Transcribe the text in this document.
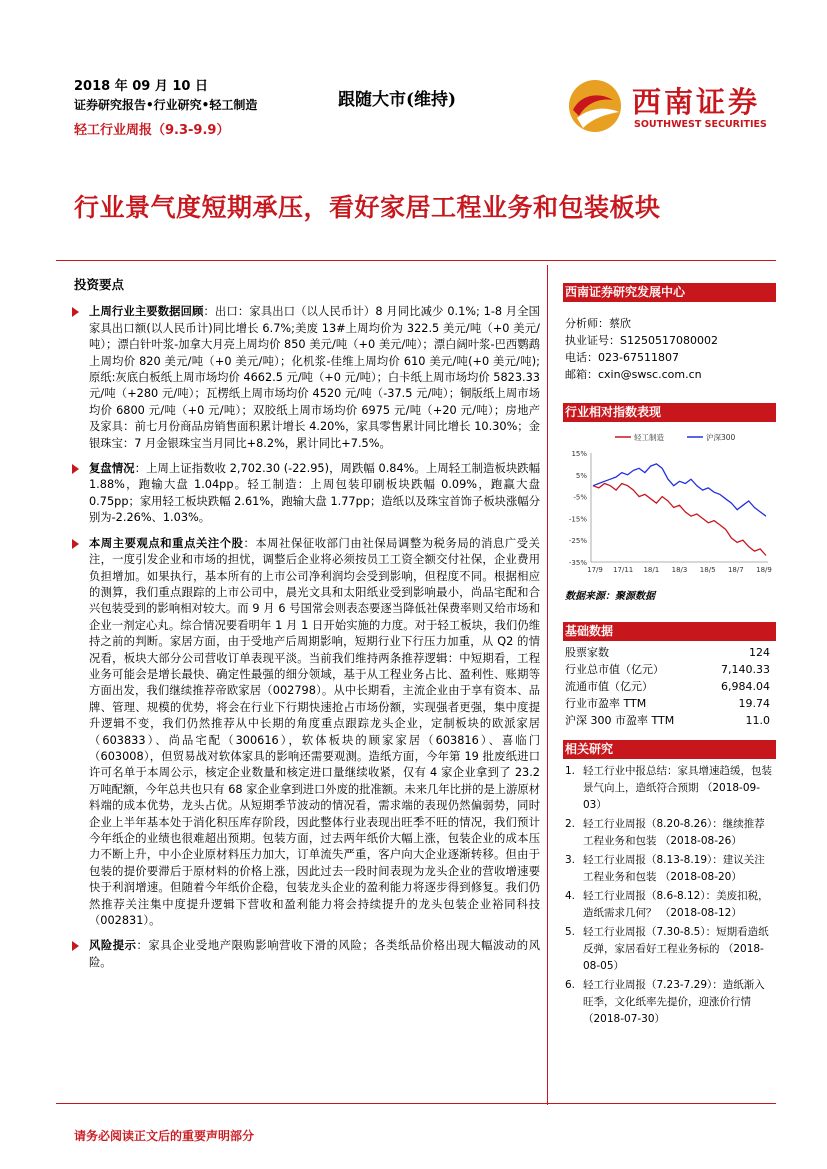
2018 年 09 月 10 日
证券研究报告•行业研究•轻工制造
轻工行业周报（9.3-9.9）
跟随大市(维持)	西南证券
SOUTHWEST SECURITIES
行业景气度短期承压，看好家居工程业务和包装板块
投资要点
上周行业主要数据回顾：出口：家具出口（以人民币计）8 月同比减少 0.1%; 1-8 月全国家具出口额(以人民币计)同比增长 6.7%;美废 13#上周均价为 322.5 美元/吨（+0 美元/吨）；漂白针叶浆-加拿大月亮上周均价 850 美元/吨（+0 美元/吨）；漂白阔叶浆-巴西鹦鹉上周均价 820 美元/吨（+0 美元/吨）；化机浆-佳维上周均价 610 美元/吨(+0 美元/吨);原纸:灰底白板纸上周市场均价 4662.5 元/吨（+0 元/吨）；白卡纸上周市场均价 5823.33 元/吨（+280 元/吨）；瓦楞纸上周市场均价 4520 元/吨（-37.5 元/吨）；铜版纸上周市场均价 6800 元/吨（+0 元/吨）；双胶纸上周市场均价 6975 元/吨（+20 元/吨）；房地产及家具：前七月份商品房销售面积累计增长 4.20%，家具零售累计同比增长 10.30%；金银珠宝：7 月金银珠宝当月同比+8.2%，累计同比+7.5%。
复盘情况：上周上证指数收 2,702.30 (-22.95)，周跌幅 0.84%。上周轻工制造板块跌幅 1.88%，跑输大盘 1.04pp。轻工制造：上周包装印刷板块跌幅 0.09%，跑赢大盘 0.75pp；家用轻工板块跌幅 2.61%，跑输大盘 1.77pp；造纸以及珠宝首饰子板块涨幅分别为-2.26%、1.03%。
本周主要观点和重点关注个股：本周社保征收部门由社保局调整为税务局的消息广受关注，一度引发企业和市场的担忧，调整后企业将必须按员工工资全额交付社保，企业费用负担增加。如果执行，基本所有的上市公司净利润均会受到影响，但程度不同。根据相应的测算，我们重点跟踪的上市公司中，晨光文具和太阳纸业受到影响最小，尚品宅配和合兴包装受到的影响相对较大。而 9 月 6 号国常会则表态要逐当降低社保费率则又给市场和企业一剂定心丸。综合情况要看明年 1 月 1 日开始实施的力度。对于轻工板块，我们仍维持之前的判断。家居方面，由于受地产后周期影响，短期行业下行压力加重，从 Q2 的情况看，板块大部分公司营收订单表现平淡。当前我们维持两条推荐逻辑：中短期看，工程业务可能会是增长最快、确定性最强的细分领域，基于从工程业务占比、盈利性、账期等方面出发，我们继续推荐帝欧家居（002798）。从中长期看，主流企业由于享有资本、品牌、管理、规模的优势，将会在行业下行期快速抢占市场份额，实现强者更强，集中度提升逻辑不变，我们仍然推荐从中长期的角度重点跟踪龙头企业，定制板块的欧派家居（603833）、尚品宅配（300616），软体板块的顾家家居（603816）、喜临门（603008），但贸易战对软体家具的影响还需要观测。造纸方面，今年第 19 批废纸进口许可名单于本周公示，核定企业数量和核定进口量继续收紧，仅有 4 家企业拿到了 23.2 万吨配额，今年总共也只有 68 家企业拿到进口外废的批准额。未来几年比拼的是上游原材料端的成本优势，龙头占优。从短期季节波动的情况看，需求端的表现仍然偏弱势，同时企业上半年基本处于消化积压库存阶段，因此整体行业表现出旺季不旺的情况，我们预计今年纸企的业绩也很难超出预期。包装方面，过去两年纸价大幅上涨，包装企业的成本压力不断上升，中小企业原材料压力加大，订单流失严重，客户向大企业逐渐转移。但由于包装的提价要滞后于原材料的价格上涨，因此过去一段时间表现为龙头企业的营收增速要快于利润增速。但随着今年纸价企稳，包装龙头企业的盈利能力将逐步得到修复。我们仍然推荐关注集中度提升逻辑下营收和盈利能力将会持续提升的龙头包装企业裕同科技（002831）。
风险提示：家具企业受地产限购影响营收下滑的风险；各类纸品价格出现大幅波动的风险。
西南证券研究发展中心
分析师：蔡欣
执业证号：S1250517080002
电话：023-67511807
邮箱：cxin@swsc.com.cn
行业相对指数表现
15%
5%
-5%
-15%
-25%
-35%
17/9 17/11 18/1 18/3 18/5 18/7 18/9
轻工制造	沪深300
数据来源：聚源数据
基础数据
股票家数	124
行业总市值（亿元）	7,140.33
流通市值（亿元）	6,984.04
行业市盈率 TTM	19.74
沪深 300 市盈率 TTM	11.0
相关研究
1. 轻工行业中报总结：家具增速趋缓，包装景气向上，造纸符合预期 （2018-09-03）
2. 轻工行业周报（8.20-8.26）：继续推荐工程业务和包装 （2018-08-26）
3. 轻工行业周报（8.13-8.19）：建议关注工程业务和包装 （2018-08-20）
4. 轻工行业周报（8.6-8.12）：美废扣税，造纸需求几何？ （2018-08-12）
5. 轻工行业周报（7.30-8.5）：短期看造纸反弹，家居看好工程业务标的 （2018-08-05）
6. 轻工行业周报（7.23-7.29）：造纸渐入旺季，文化纸率先提价，迎涨价行情 （2018-07-30）
请务必阅读正文后的重要声明部分
